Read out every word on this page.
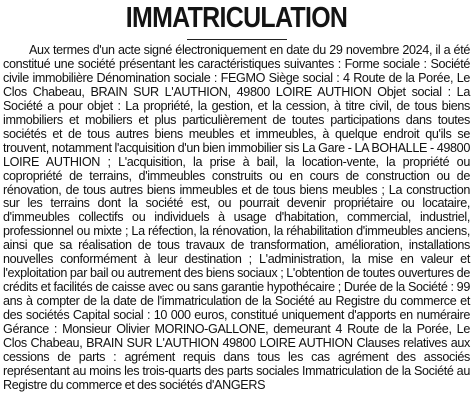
IMMATRICULATION

Aux termes d'un acte signé électroniquement en date du 29 novembre 2024, il a été constitué une société présentant les caractéristiques suivantes : Forme sociale : Société civile immobilière Dénomination sociale : FEGMO Siège social : 4 Route de la Porée, Le Clos Chabeau, BRAIN SUR L'AUTHION, 49800 LOIRE AUTHION Objet social : La Société a pour objet : La propriété, la gestion, et la cession, à titre civil, de tous biens immobiliers et mobiliers et plus particulièrement de toutes participations dans toutes sociétés et de tous autres biens meubles et immeubles, à quelque endroit qu'ils se trouvent, notamment l'acquisition d'un bien immobilier sis La Gare - LA BOHALLE - 49800 LOIRE AUTHION ; L'acquisition, la prise à bail, la location-vente, la propriété ou copropriété de terrains, d'immeubles construits ou en cours de construction ou de rénovation, de tous autres biens immeubles et de tous biens meubles ; La construction sur les terrains dont la société est, ou pourrait devenir propriétaire ou locataire, d'immeubles collectifs ou individuels à usage d'habitation, commercial, industriel, professionnel ou mixte ; La réfection, la rénovation, la réhabilitation d'immeubles anciens, ainsi que sa réalisation de tous travaux de transformation, amélioration, installations nouvelles conformément à leur destination ; L'administration, la mise en valeur et l'exploitation par bail ou autrement des biens sociaux ; L'obtention de toutes ouvertures de crédits et facilités de caisse avec ou sans garantie hypothécaire ; Durée de la Société : 99 ans à compter de la date de l'immatriculation de la Société au Registre du commerce et des sociétés Capital social : 10 000 euros, constitué uniquement d'apports en numéraire Gérance : Monsieur Olivier MORINO-GALLONE, demeurant 4 Route de la Porée, Le Clos Chabeau, BRAIN SUR L'AUTHION 49800 LOIRE AUTHION Clauses relatives aux cessions de parts : agrément requis dans tous les cas agrément des associés représentant au moins les trois-quarts des parts sociales Immatriculation de la Société au Registre du commerce et des sociétés d'ANGERS
